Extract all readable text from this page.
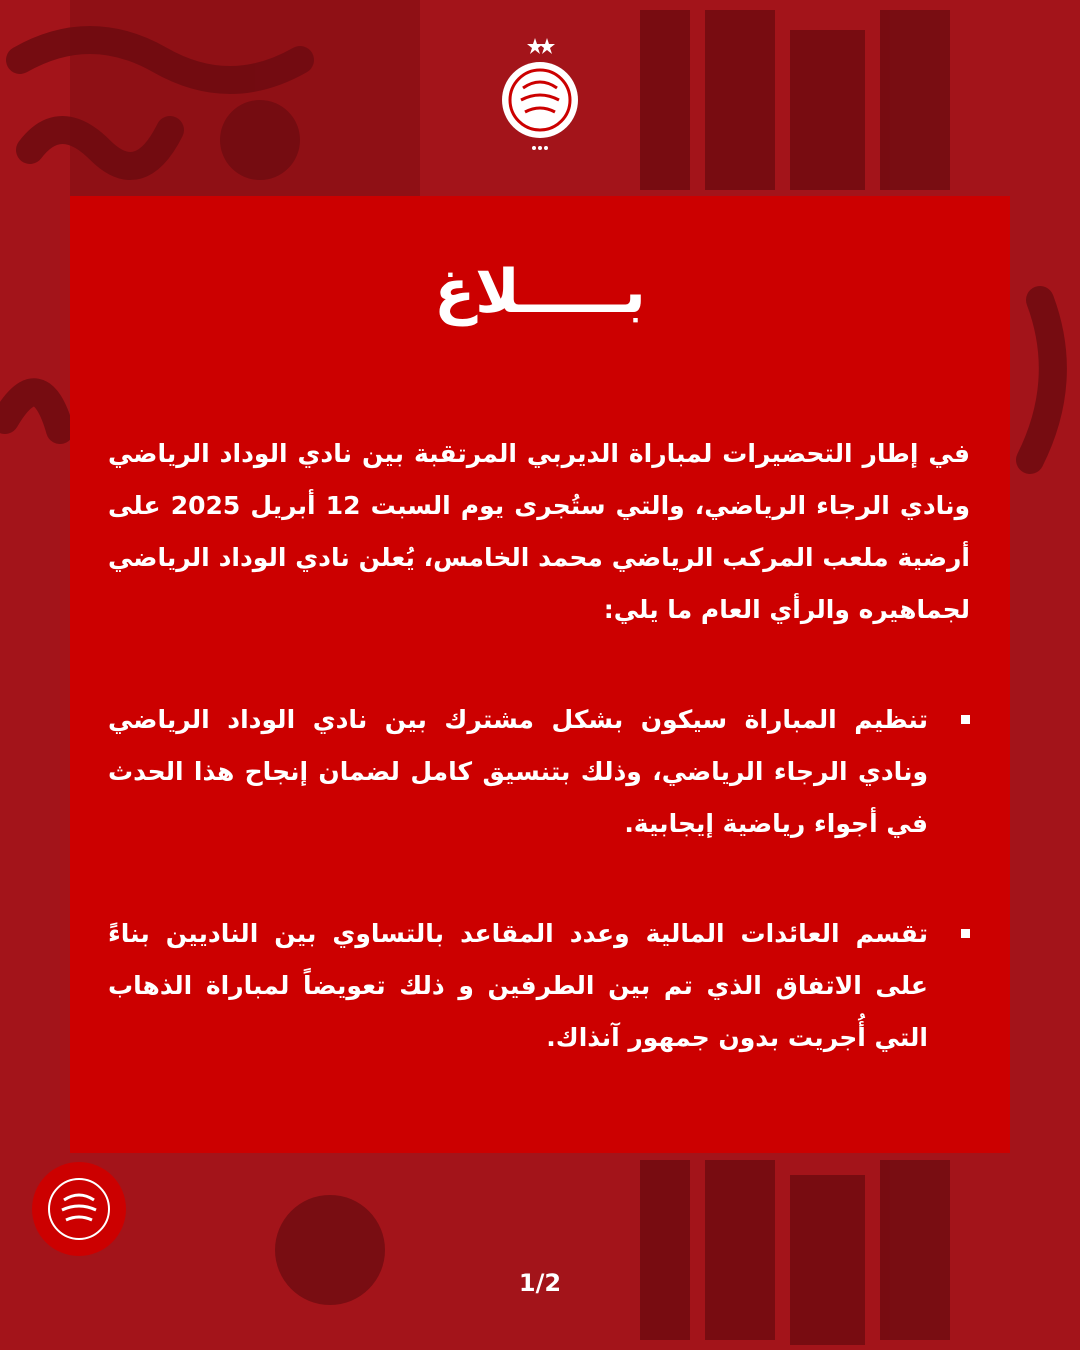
بـــــلاغ

في إطار التحضيرات لمباراة الديربي المرتقبة بين نادي الوداد الرياضي ونادي الرجاء الرياضي، والتي ستُجرى يوم السبت 12 أبريل 2025 على أرضية ملعب المركب الرياضي محمد الخامس، يُعلن نادي الوداد الرياضي لجماهيره والرأي العام ما يلي:

تنظيم المباراة سيكون بشكل مشترك بين نادي الوداد الرياضي ونادي الرجاء الرياضي، وذلك بتنسيق كامل لضمان إنجاح هذا الحدث في أجواء رياضية إيجابية.
تقسم العائدات المالية وعدد المقاعد بالتساوي بين الناديين بناءً على الاتفاق الذي تم بين الطرفين و ذلك تعويضاً لمباراة الذهاب التي أُجريت بدون جمهور آنذاك.
1/2
